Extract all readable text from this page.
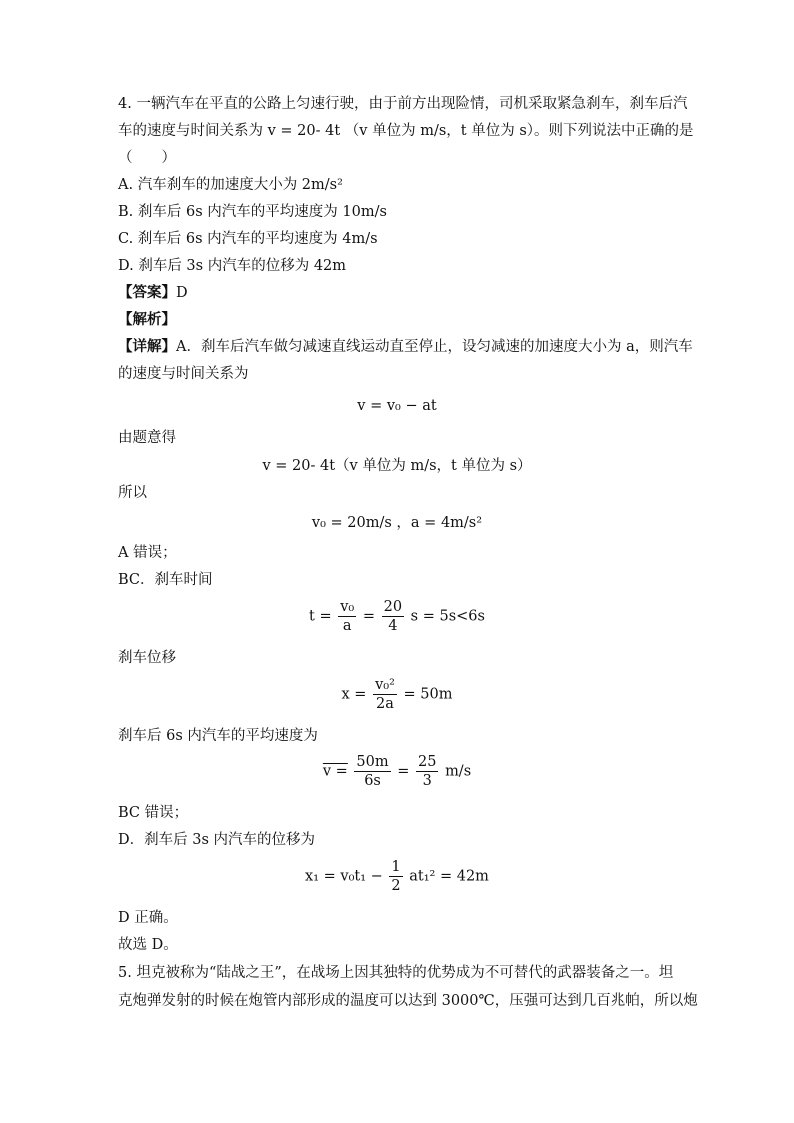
4. 一辆汽车在平直的公路上匀速行驶，由于前方出现险情，司机采取紧急刹车，刹车后汽
车的速度与时间关系为 v = 20- 4t （v 单位为 m/s，t 单位为 s）。则下列说法中正确的是
（　　）
A. 汽车刹车的加速度大小为 2m/s²
B. 刹车后 6s 内汽车的平均速度为 10m/s
C. 刹车后 6s 内汽车的平均速度为 4m/s
D. 刹车后 3s 内汽车的位移为 42m
【答案】D
【解析】
【详解】A．刹车后汽车做匀减速直线运动直至停止，设匀减速的加速度大小为 a，则汽车
的速度与时间关系为
v = v₀ − at
由题意得
v = 20- 4t（v 单位为 m/s，t 单位为 s）
所以
v₀ = 20m/s ，a = 4m/s²
A 错误；
BC．刹车时间
$t = \frac{\text{v₀}}{a} = \frac{20}{4}$ s = 5s<6s
刹车位移
$x = \frac{\text{v₀²}}{2a} = 50m$
刹车后 6s 内汽车的平均速度为
$v = \frac{50m}{6s} = \frac{25}{3} m/s$
BC 错误；
D．刹车后 3s 内汽车的位移为
$x_1 = v_0t_1 - \frac{1}{2} at_1^2 = 42m$
D 正确。
故选 D。
5. 坦克被称为“陆战之王”，在战场上因其独特的优势成为不可替代的武器装备之一。坦
克炮弹发射的时候在炮管内部形成的温度可以达到 3000℃，压强可达到几百兆帕，所以炮
